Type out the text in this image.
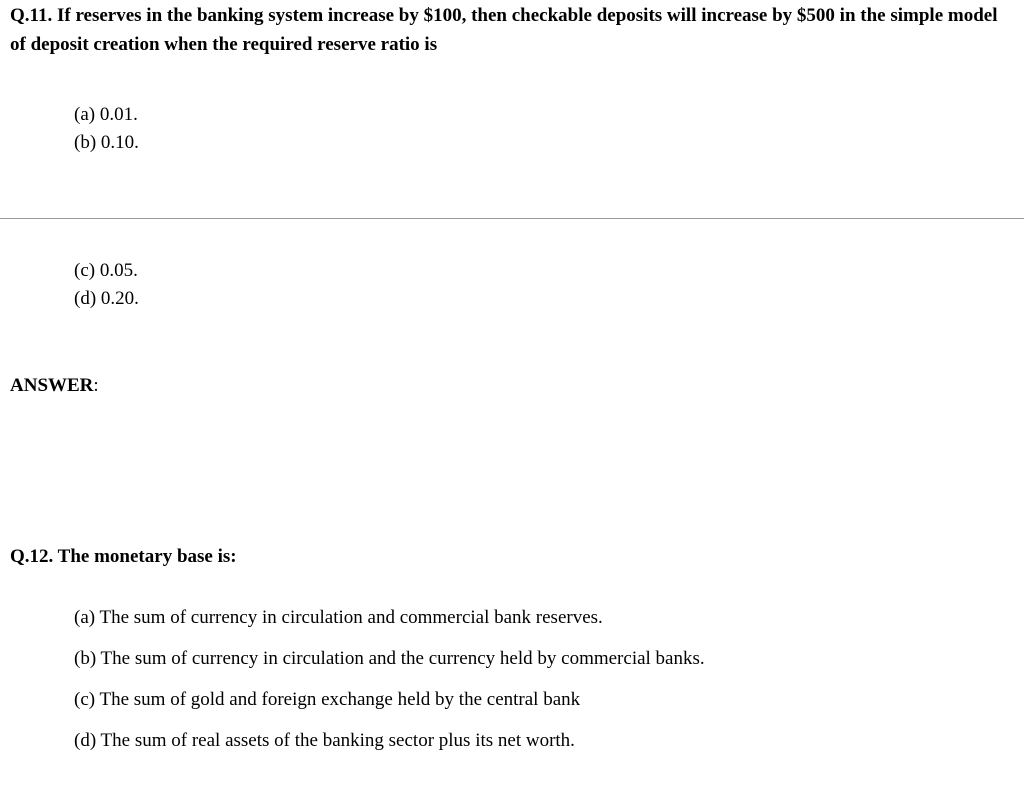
Q.11. If reserves in the banking system increase by $100, then checkable deposits will increase by $500 in the simple model of deposit creation when the required reserve ratio is

(a) 0.01.
(b) 0.10.
(c) 0.05.
(d) 0.20.
ANSWER:

Q.12. The monetary base is:

(a) The sum of currency in circulation and commercial bank reserves.
(b) The sum of currency in circulation and the currency held by commercial banks.
(c) The sum of gold and foreign exchange held by the central bank
(d) The sum of real assets of the banking sector plus its net worth.
